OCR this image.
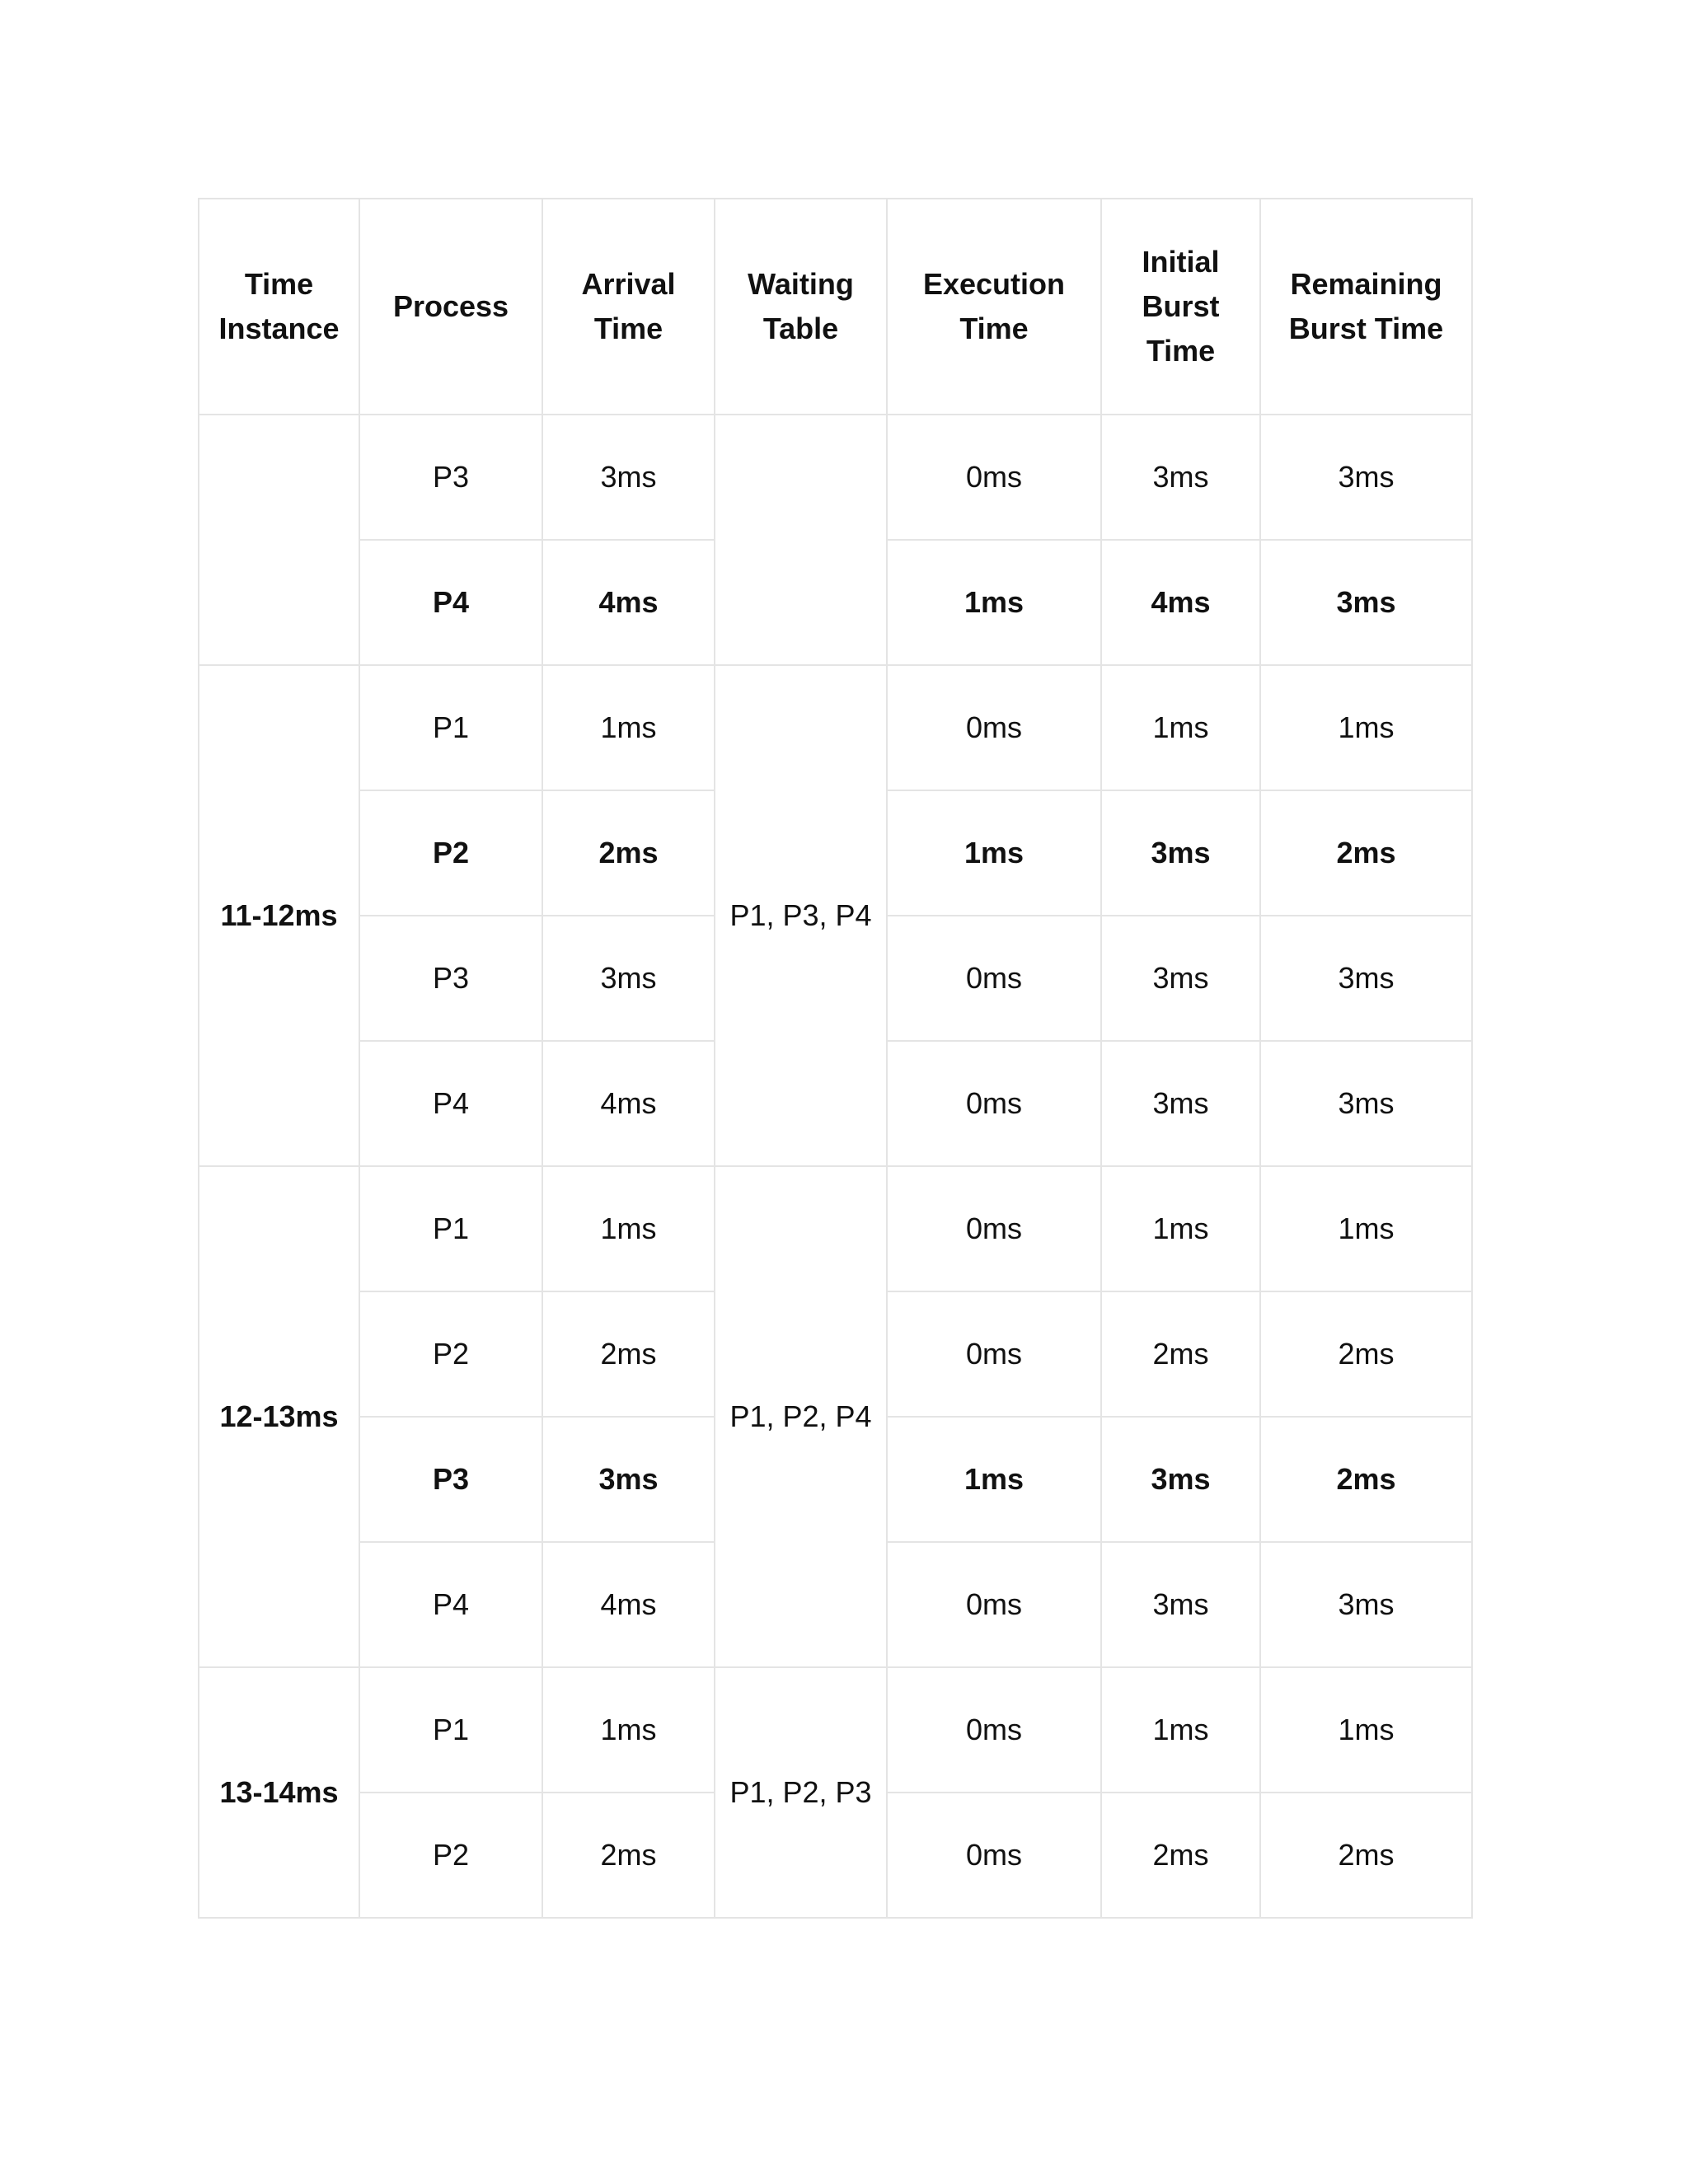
Time Instance	Process	Arrival Time	Waiting Table	Execution Time	Initial Burst Time	Remaining Burst Time
	P3	3ms		0ms	3ms	3ms
	P4	4ms		1ms	4ms	3ms
11-12ms	P1	1ms	P1, P3, P4	0ms	1ms	1ms
	P2	2ms		1ms	3ms	2ms
	P3	3ms		0ms	3ms	3ms
	P4	4ms		0ms	3ms	3ms
12-13ms	P1	1ms	P1, P2, P4	0ms	1ms	1ms
	P2	2ms		0ms	2ms	2ms
	P3	3ms		1ms	3ms	2ms
	P4	4ms		0ms	3ms	3ms
13-14ms	P1	1ms	P1, P2, P3	0ms	1ms	1ms
	P2	2ms		0ms	2ms	2ms
